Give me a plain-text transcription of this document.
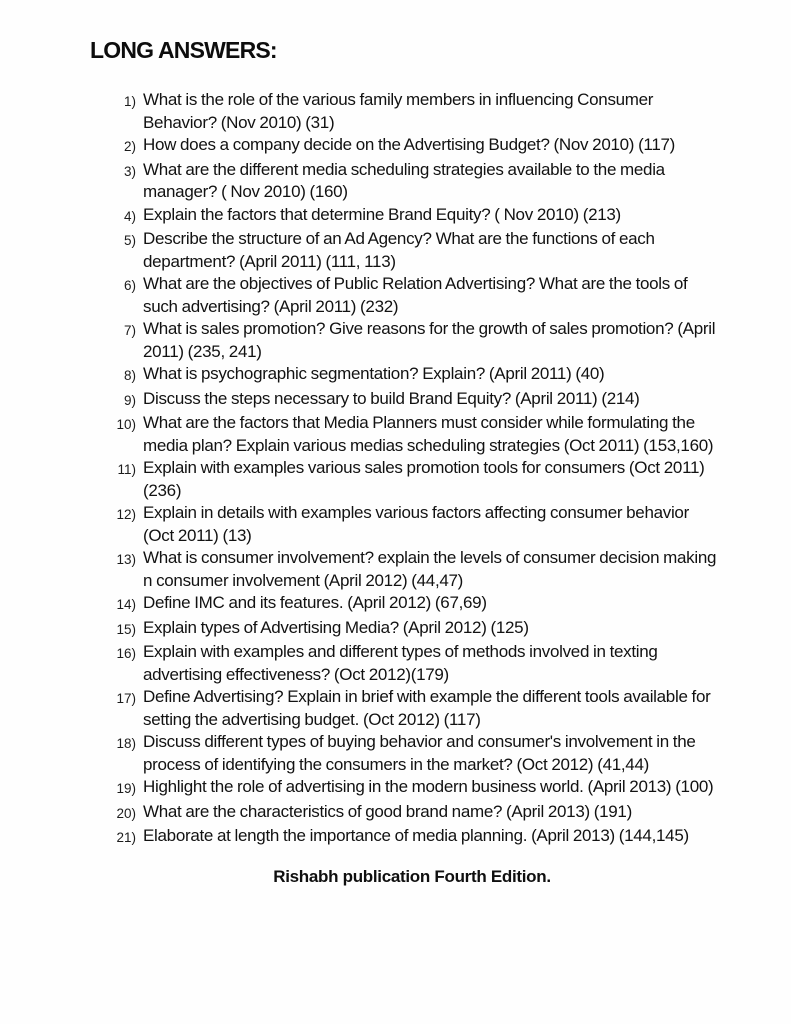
LONG ANSWERS:
1) What is the role of the various family members in influencing Consumer Behavior? (Nov 2010) (31)
2) How does a company decide on the Advertising Budget? (Nov 2010) (117)
3) What are the different media scheduling strategies available to the media manager? ( Nov 2010) (160)
4) Explain the factors that determine Brand Equity? ( Nov 2010) (213)
5) Describe the structure of an Ad Agency? What are the functions of each department? (April 2011) (111, 113)
6) What are the objectives of Public Relation Advertising? What are the tools of such advertising? (April 2011) (232)
7) What is sales promotion? Give reasons for the growth of sales promotion? (April 2011) (235, 241)
8) What is psychographic segmentation? Explain? (April 2011) (40)
9) Discuss the steps necessary to build Brand Equity? (April 2011) (214)
10) What are the factors that Media Planners must consider while formulating the media plan? Explain various medias scheduling strategies (Oct 2011) (153,160)
11) Explain with examples various sales promotion tools for consumers (Oct 2011) (236)
12) Explain in details with examples various factors affecting consumer behavior (Oct 2011) (13)
13) What is consumer involvement? explain the levels of consumer decision making n consumer involvement (April 2012) (44,47)
14) Define IMC and its features. (April 2012) (67,69)
15) Explain types of Advertising Media? (April 2012) (125)
16) Explain with examples and different types of methods involved in texting advertising effectiveness? (Oct 2012)(179)
17) Define Advertising? Explain in brief with example the different tools available for setting the advertising budget. (Oct 2012) (117)
18) Discuss different types of buying behavior and consumer's involvement in the process of identifying the consumers in the market? (Oct 2012) (41,44)
19) Highlight the role of advertising in the modern business world. (April 2013) (100)
20) What are the characteristics of good brand name? (April 2013) (191)
21) Elaborate at length the importance of media planning. (April 2013) (144,145)
Rishabh publication Fourth Edition.
